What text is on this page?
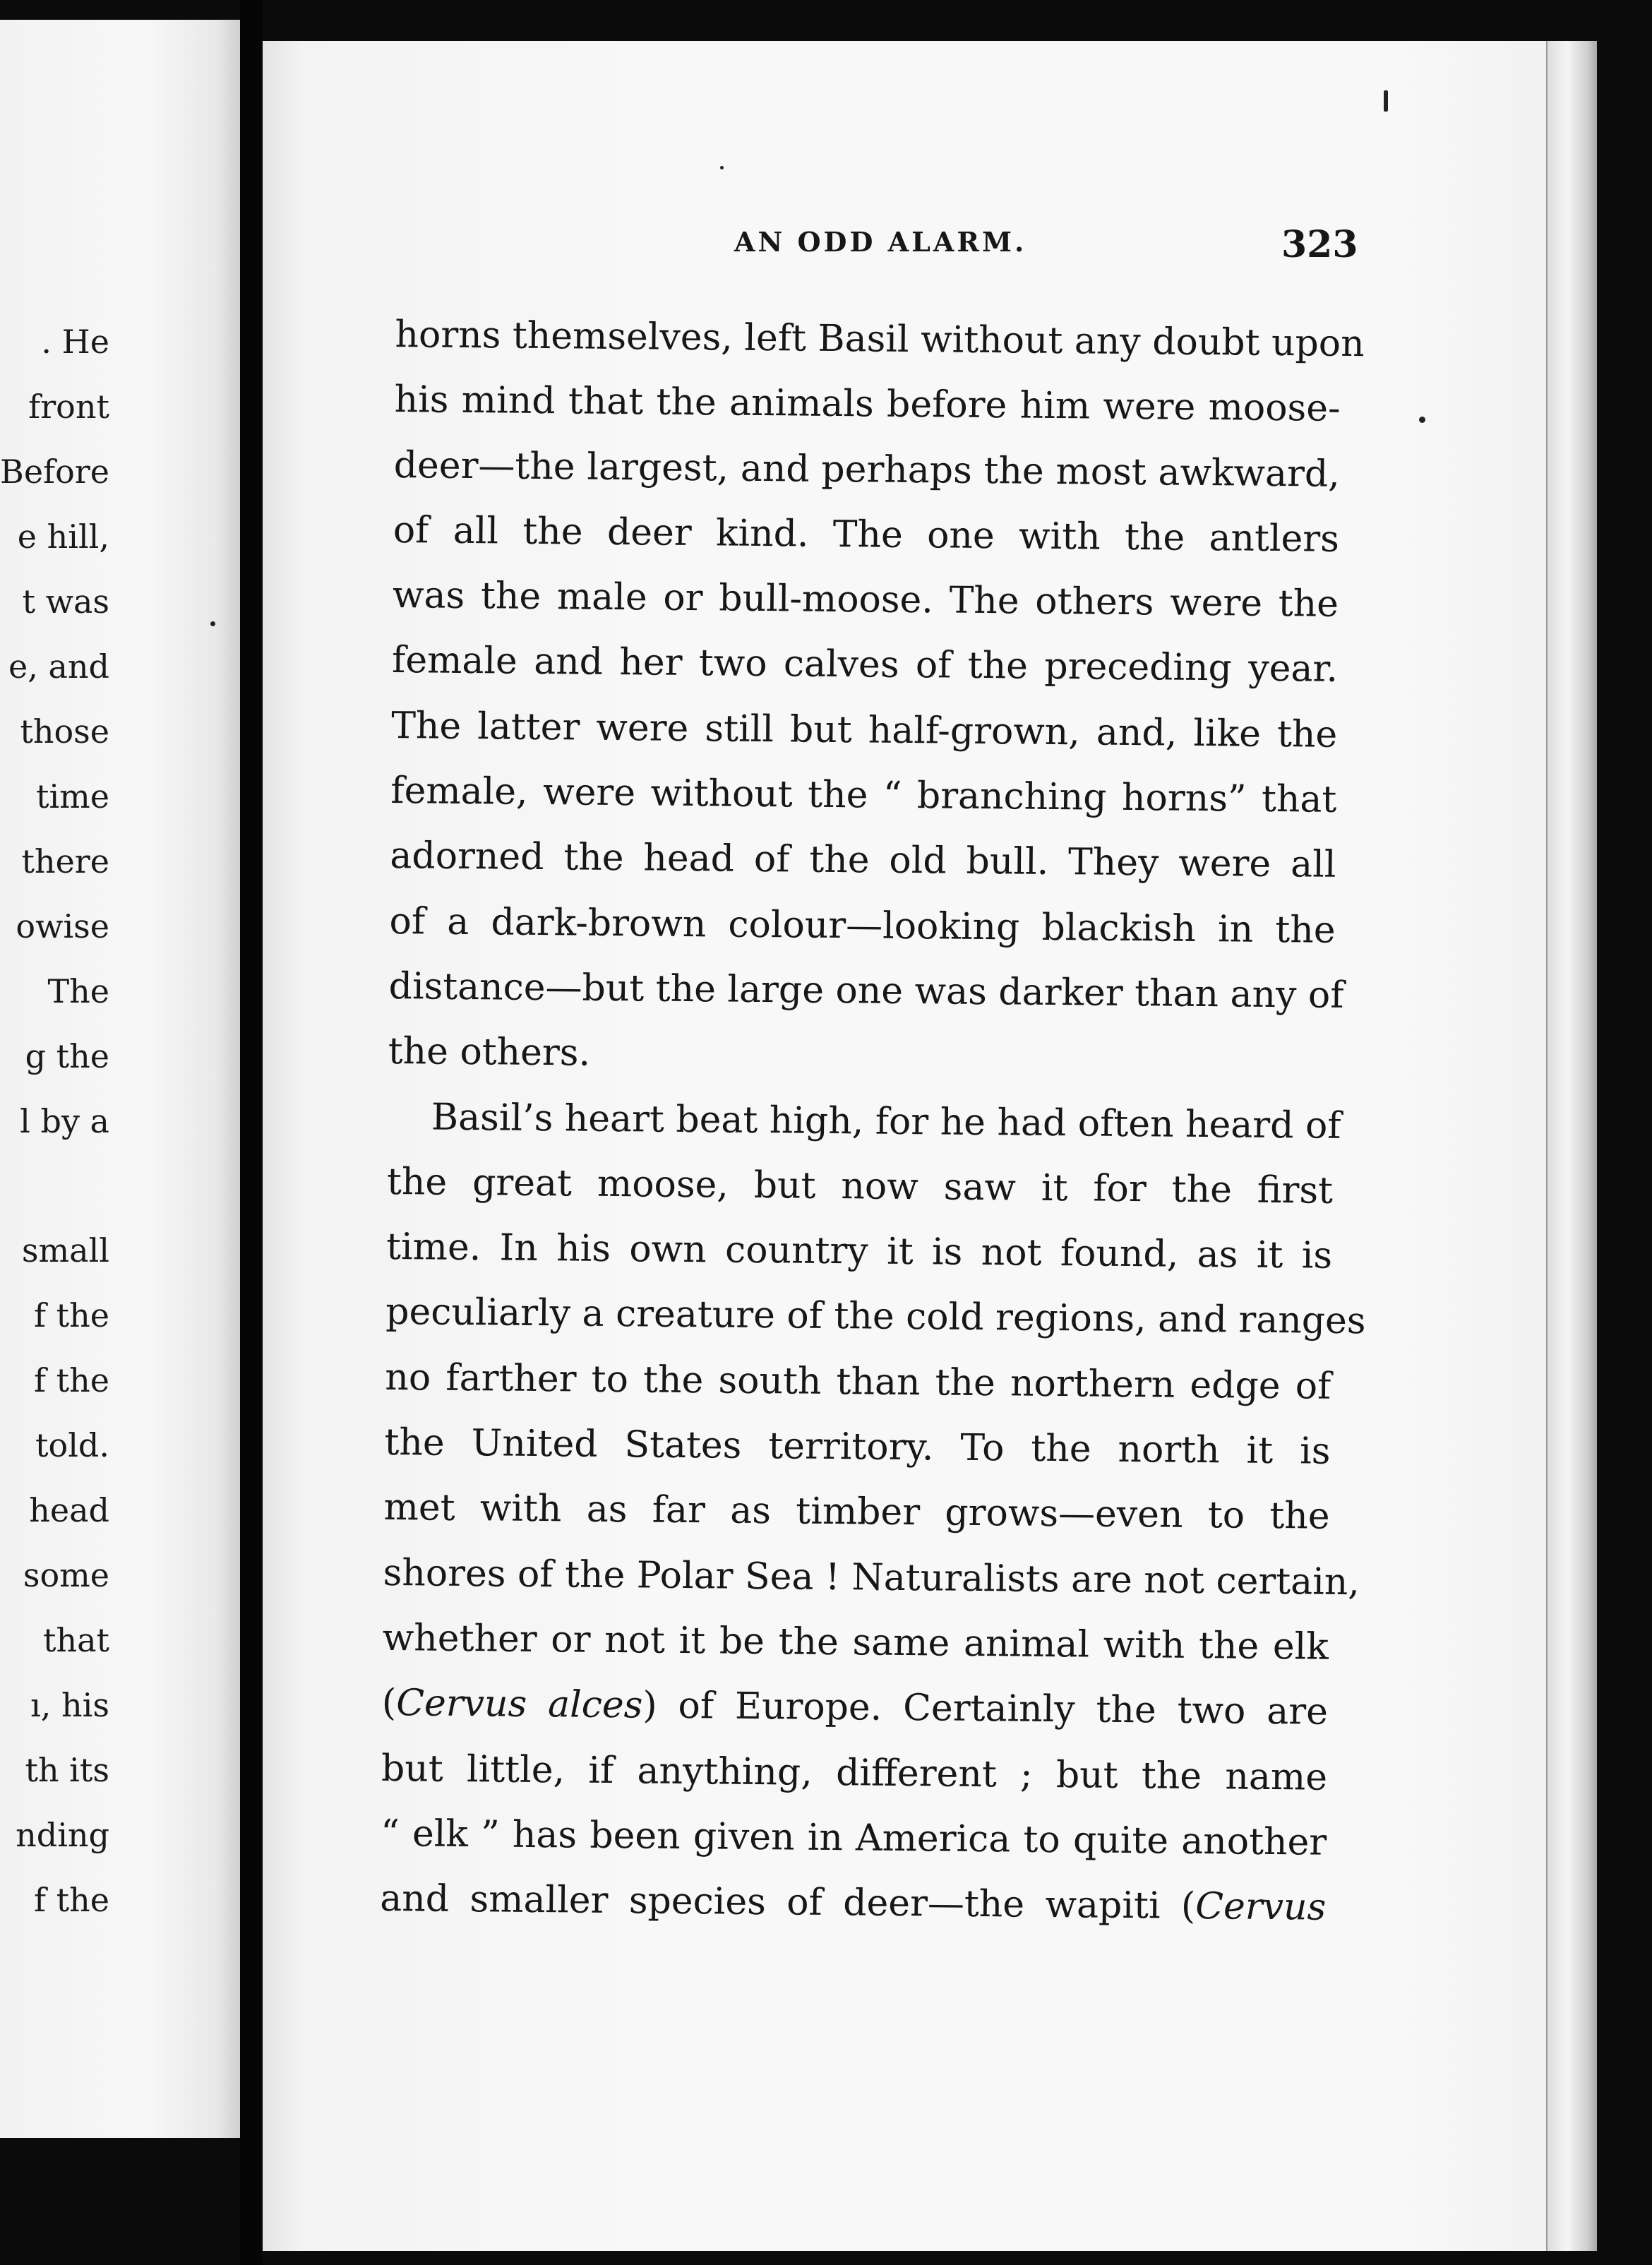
. He
front
Before
e hill,
t was
e, and
those
time
there
owise
The
g the
l by a
small
f the
f the
told.
head
some
that
ı, his
th its
nding
f the
AN ODD ALARM.	323
horns themselves, left Basil without any doubt upon
his mind that the animals before him were moose-
deer—the largest, and perhaps the most awkward,
of all the deer kind. The one with the antlers
was the male or bull-moose. The others were the
female and her two calves of the preceding year.
The latter were still but half-grown, and, like the
female, were without the “ branching horns” that
adorned the head of the old bull. They were all
of a dark-brown colour—looking blackish in the
distance—but the large one was darker than any of
the others.
Basil’s heart beat high, for he had often heard of
the great moose, but now saw it for the first
time. In his own country it is not found, as it is
peculiarly a creature of the cold regions, and ranges
no farther to the south than the northern edge of
the United States territory. To the north it is
met with as far as timber grows—even to the
shores of the Polar Sea ! Naturalists are not certain,
whether or not it be the same animal with the elk
(Cervus alces) of Europe. Certainly the two are
but little, if anything, different ; but the name
“ elk ” has been given in America to quite another
and smaller species of deer—the wapiti (Cervus
